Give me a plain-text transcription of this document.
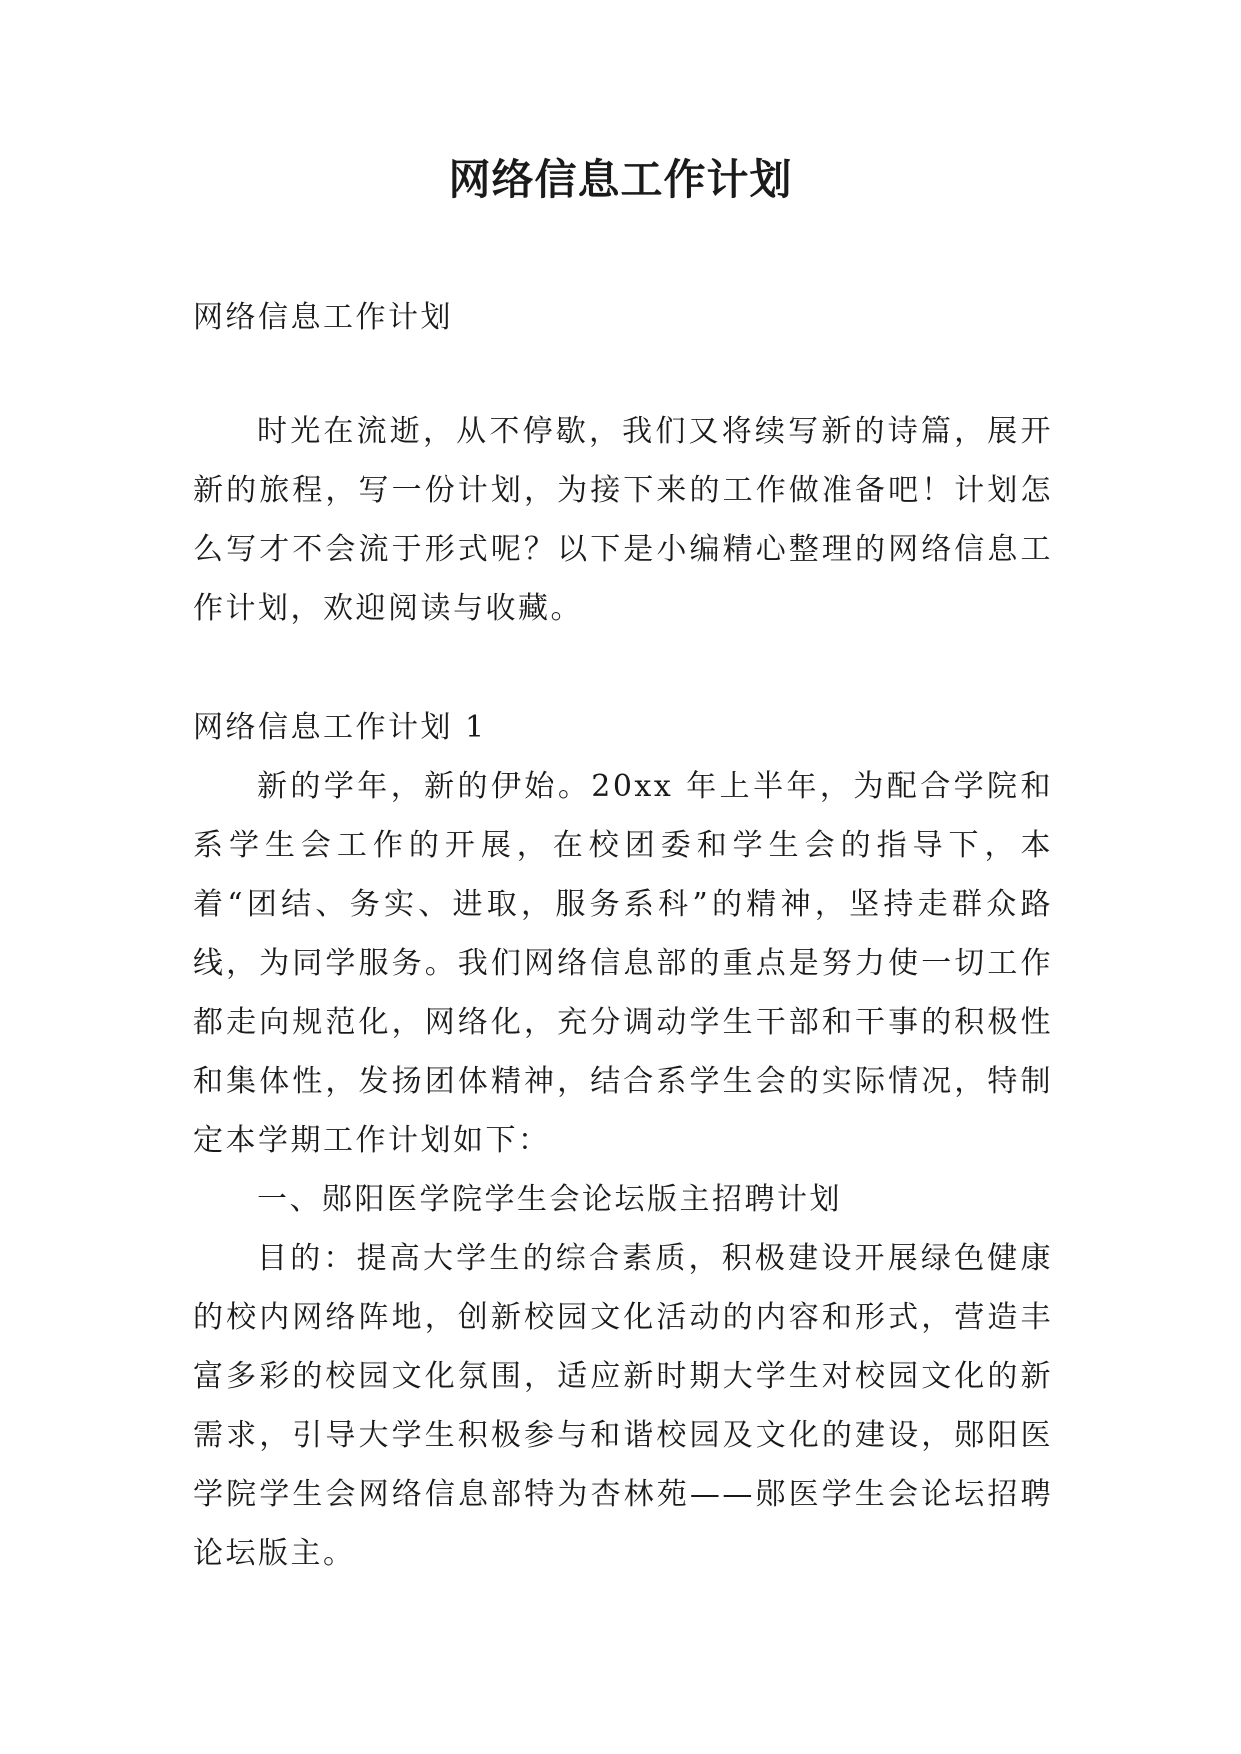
网络信息工作计划

网络信息工作计划

时光在流逝，从不停歇，我们又将续写新的诗篇，展开新的旅程，写一份计划，为接下来的工作做准备吧！计划怎么写才不会流于形式呢？以下是小编精心整理的网络信息工作计划，欢迎阅读与收藏。

网络信息工作计划 1

新的学年，新的伊始。20xx 年上半年，为配合学院和系学生会工作的开展，在校团委和学生会的指导下，本着“团结、务实、进取，服务系科”的精神，坚持走群众路线，为同学服务。我们网络信息部的重点是努力使一切工作都走向规范化，网络化，充分调动学生干部和干事的积极性和集体性，发扬团体精神，结合系学生会的实际情况，特制定本学期工作计划如下：

一、郧阳医学院学生会论坛版主招聘计划

目的：提高大学生的综合素质，积极建设开展绿色健康的校内网络阵地，创新校园文化活动的内容和形式，营造丰富多彩的校园文化氛围，适应新时期大学生对校园文化的新需求，引导大学生积极参与和谐校园及文化的建设，郧阳医学院学生会网络信息部特为杏林苑——郧医学生会论坛招聘论坛版主。
